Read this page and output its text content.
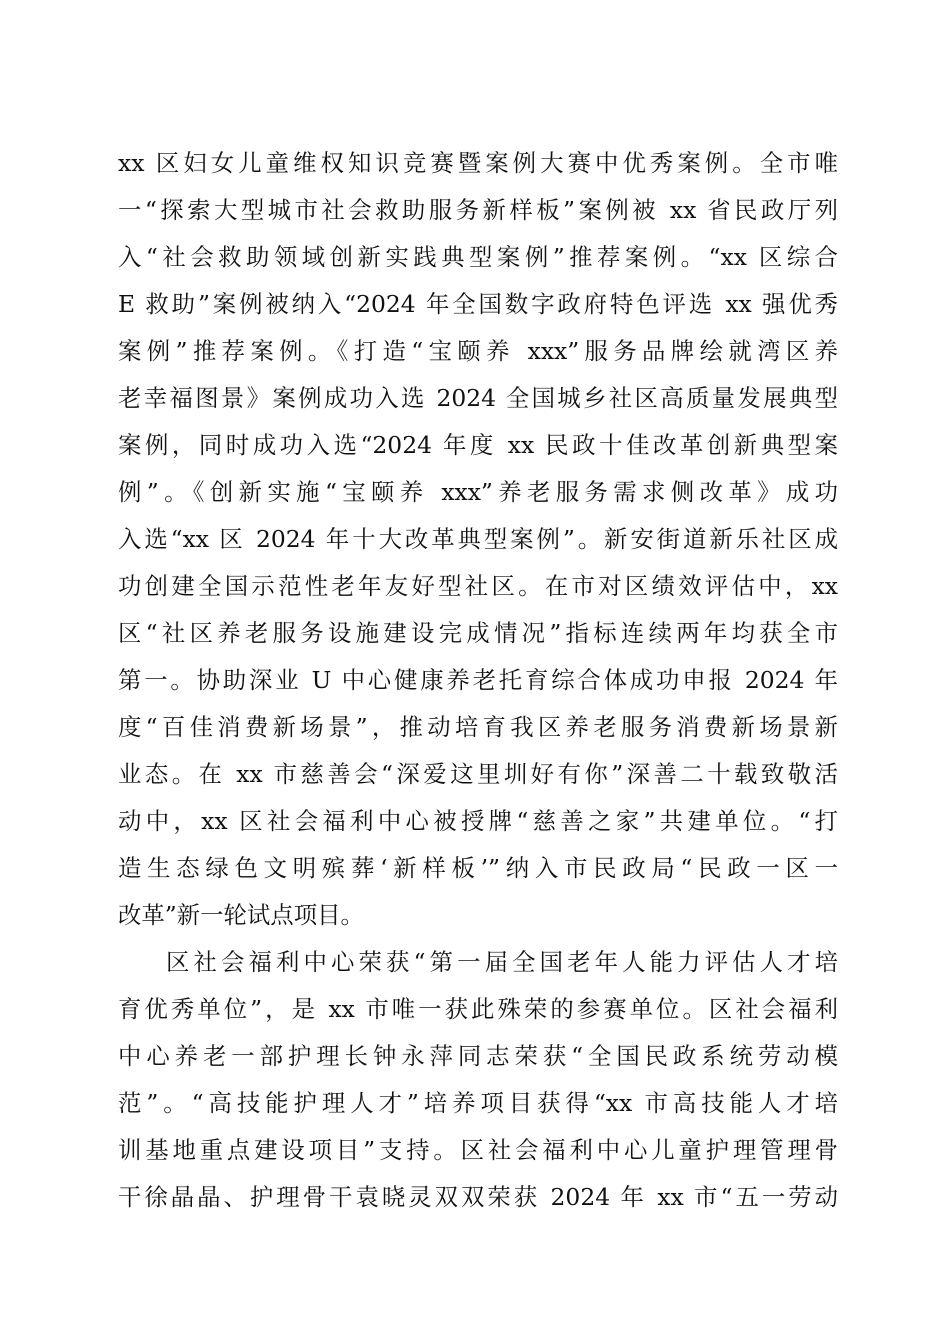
xx 区妇女儿童维权知识竞赛暨案例大赛中优秀案例。全市唯
一“探索大型城市社会救助服务新样板”案例被 xx 省民政厅列
入“社会救助领域创新实践典型案例”推荐案例。“xx 区综合
E 救助”案例被纳入“2024 年全国数字政府特色评选 xx 强优秀
案例”推荐案例。《打造“宝颐养 xxx”服务品牌绘就湾区养
老幸福图景》案例成功入选 2024 全国城乡社区高质量发展典型
案例，同时成功入选“2024 年度 xx 民政十佳改革创新典型案
例”。《创新实施“宝颐养 xxx”养老服务需求侧改革》成功
入选“xx 区 2024 年十大改革典型案例”。新安街道新乐社区成
功创建全国示范性老年友好型社区。在市对区绩效评估中，xx
区“社区养老服务设施建设完成情况”指标连续两年均获全市
第一。协助深业 U 中心健康养老托育综合体成功申报 2024 年
度“百佳消费新场景”，推动培育我区养老服务消费新场景新
业态。在 xx 市慈善会“深爱这里圳好有你”深善二十载致敬活
动中，xx 区社会福利中心被授牌“慈善之家”共建单位。“打
造生态绿色文明殡葬‘新样板’”纳入市民政局“民政一区一
改革”新一轮试点项目。
区社会福利中心荣获“第一届全国老年人能力评估人才培
育优秀单位”，是 xx 市唯一获此殊荣的参赛单位。区社会福利
中心养老一部护理长钟永萍同志荣获“全国民政系统劳动模
范”。“高技能护理人才”培养项目获得“xx 市高技能人才培
训基地重点建设项目”支持。区社会福利中心儿童护理管理骨
干徐晶晶、护理骨干袁晓灵双双荣获 2024 年 xx 市“五一劳动
